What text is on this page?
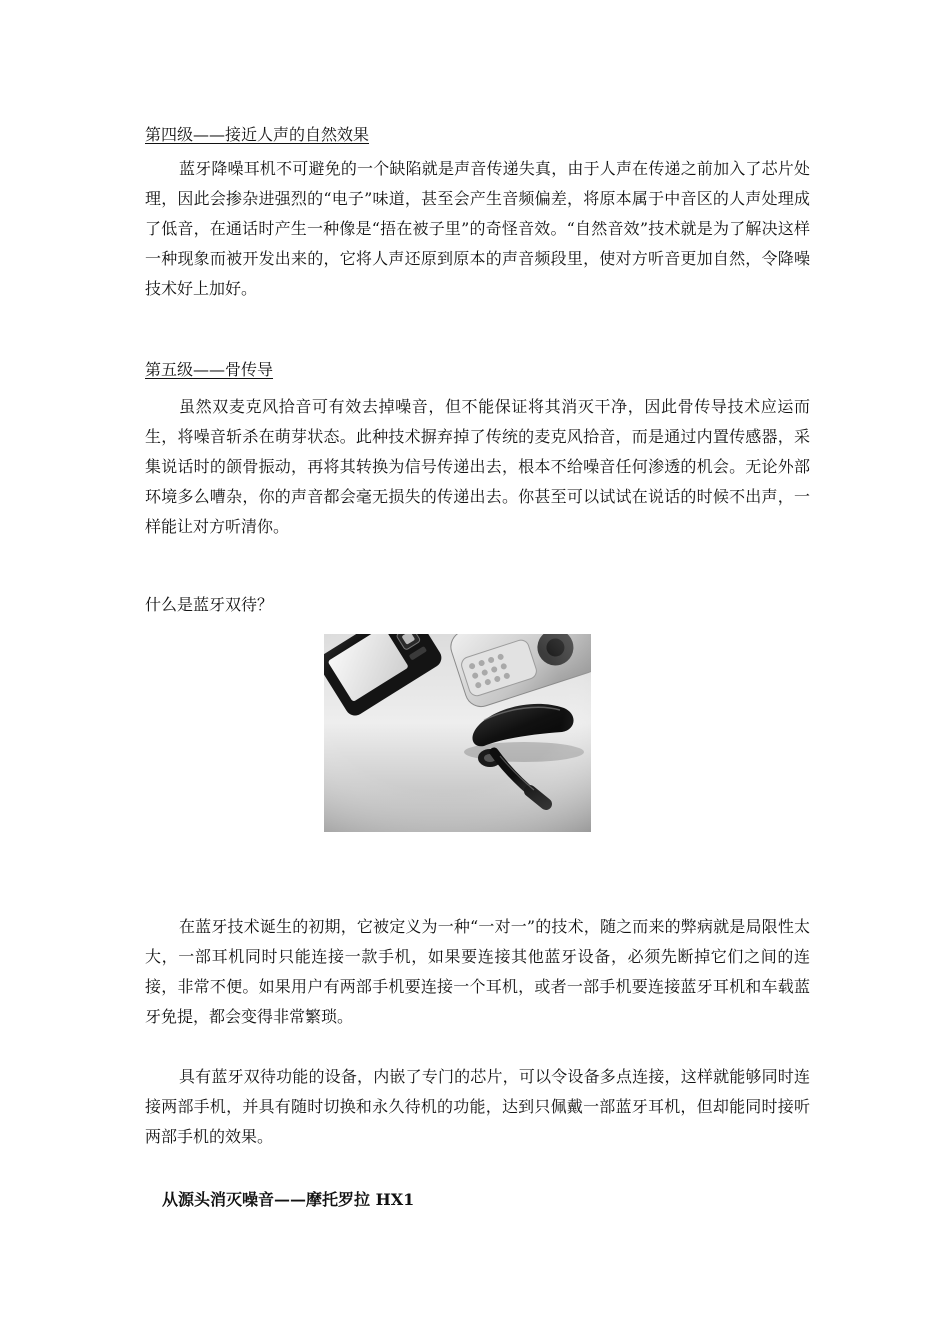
第四级——接近人声的自然效果

蓝牙降噪耳机不可避免的一个缺陷就是声音传递失真，由于人声在传递之前加入了芯片处理，因此会掺杂进强烈的“电子”味道，甚至会产生音频偏差，将原本属于中音区的人声处理成了低音，在通话时产生一种像是“捂在被子里”的奇怪音效。“自然音效”技术就是为了解决这样一种现象而被开发出来的，它将人声还原到原本的声音频段里，使对方听音更加自然，令降噪技术好上加好。

第五级——骨传导

虽然双麦克风拾音可有效去掉噪音，但不能保证将其消灭干净，因此骨传导技术应运而生，将噪音斩杀在萌芽状态。此种技术摒弃掉了传统的麦克风拾音，而是通过内置传感器，采集说话时的颌骨振动，再将其转换为信号传递出去，根本不给噪音任何渗透的机会。无论外部环境多么嘈杂，你的声音都会毫无损失的传递出去。你甚至可以试试在说话的时候不出声，一样能让对方听清你。

什么是蓝牙双待？

在蓝牙技术诞生的初期，它被定义为一种“一对一”的技术，随之而来的弊病就是局限性太大，一部耳机同时只能连接一款手机，如果要连接其他蓝牙设备，必须先断掉它们之间的连接，非常不便。如果用户有两部手机要连接一个耳机，或者一部手机要连接蓝牙耳机和车载蓝牙免提，都会变得非常繁琐。

具有蓝牙双待功能的设备，内嵌了专门的芯片，可以令设备多点连接，这样就能够同时连接两部手机，并具有随时切换和永久待机的功能，达到只佩戴一部蓝牙耳机，但却能同时接听两部手机的效果。

从源头消灭噪音——摩托罗拉 HX1
